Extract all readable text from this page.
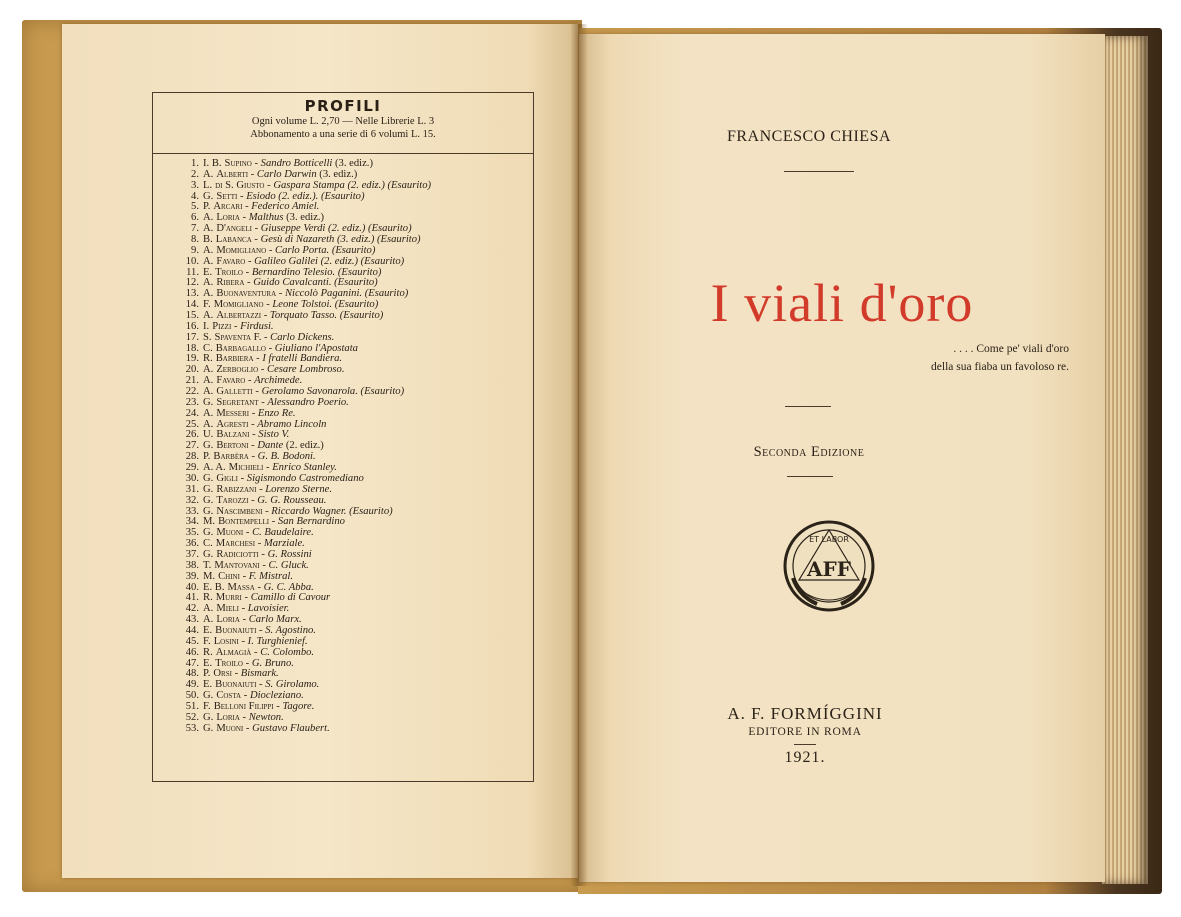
PROFILI
Ogni volume L. 2,70 — Nelle Librerie L. 3
Abbonamento a una serie di 6 volumi L. 15.
1. I. B. Supino - Sandro Botticelli (3. ediz.)
2. A. Alberti - Carlo Darwin (3. ediz.)
3. L. di S. Giusto - Gaspara Stampa (2. ediz.) (Esaurito)
4. G. Setti - Esiodo (2. ediz.). (Esaurito)
5. P. Arcari - Federico Amiel.
6. A. Loria - Malthus (3. ediz.)
7. A. D'angeli - Giuseppe Verdi (2. ediz.) (Esaurito)
8. B. Labanca - Gesù di Nazareth (3. ediz.) (Esaurito)
9. A. Momigliano - Carlo Porta. (Esaurito)
10. A. Favaro - Galileo Galilei (2. ediz.) (Esaurito)
11. E. Troilo - Bernardino Telesio. (Esaurito)
12. A. Ribera - Guido Cavalcanti. (Esaurito)
13. A. Buonaventura - Niccolò Paganini. (Esaurito)
14. F. Momigliano - Leone Tolstoi. (Esaurito)
15. A. Albertazzi - Torquato Tasso. (Esaurito)
16. I. Pizzi - Firdusi.
17. S. Spaventa F. - Carlo Dickens.
18. C. Barbagallo - Giuliano l'Apostata
19. R. Barbiera - I fratelli Bandiera.
20. A. Zerboglio - Cesare Lombroso.
21. A. Favaro - Archimede.
22. A. Galletti - Gerolamo Savonarola. (Esaurito)
23. G. Segretant - Alessandro Poerio.
24. A. Messeri - Enzo Re.
25. A. Agresti - Abramo Lincoln
26. U. Balzani - Sisto V.
27. G. Bertoni - Dante (2. ediz.)
28. P. Barbèra - G. B. Bodoni.
29. A. A. Michieli - Enrico Stanley.
30. G. Gigli - Sigismondo Castromediano
31. G. Rabizzani - Lorenzo Sterne.
32. G. Tarozzi - G. G. Rousseau.
33. G. Nascimbeni - Riccardo Wagner. (Esaurito)
34. M. Bontempelli - San Bernardino
35. G. Muoni - C. Baudelaire.
36. C. Marchesi - Marziale.
37. G. Radiciotti - G. Rossini
38. T. Mantovani - C. Gluck.
39. M. Chini - F. Mistral.
40. E. B. Massa - G. C. Abba.
41. R. Murri - Camillo di Cavour
42. A. Mieli - Lavoisier.
43. A. Loria - Carlo Marx.
44. E. Buonaiuti - S. Agostino.
45. F. Losini - I. Turghienief.
46. R. Almagià - C. Colombo.
47. E. Troilo - G. Bruno.
48. P. Orsi - Bismark.
49. E. Buonaiuti - S. Girolamo.
50. G. Costa - Diocleziano.
51. F. Belloni Filippi - Tagore.
52. G. Loria - Newton.
53. G. Muoni - Gustavo Flaubert.
FRANCESCO CHIESA
I viali d'oro
. . . . Come pe' viali d'oro
della sua fiaba un favoloso re.
Seconda Edizione
ET LABOR
AFF
A. F. FORMÍGGINI
EDITORE IN ROMA
1921.
